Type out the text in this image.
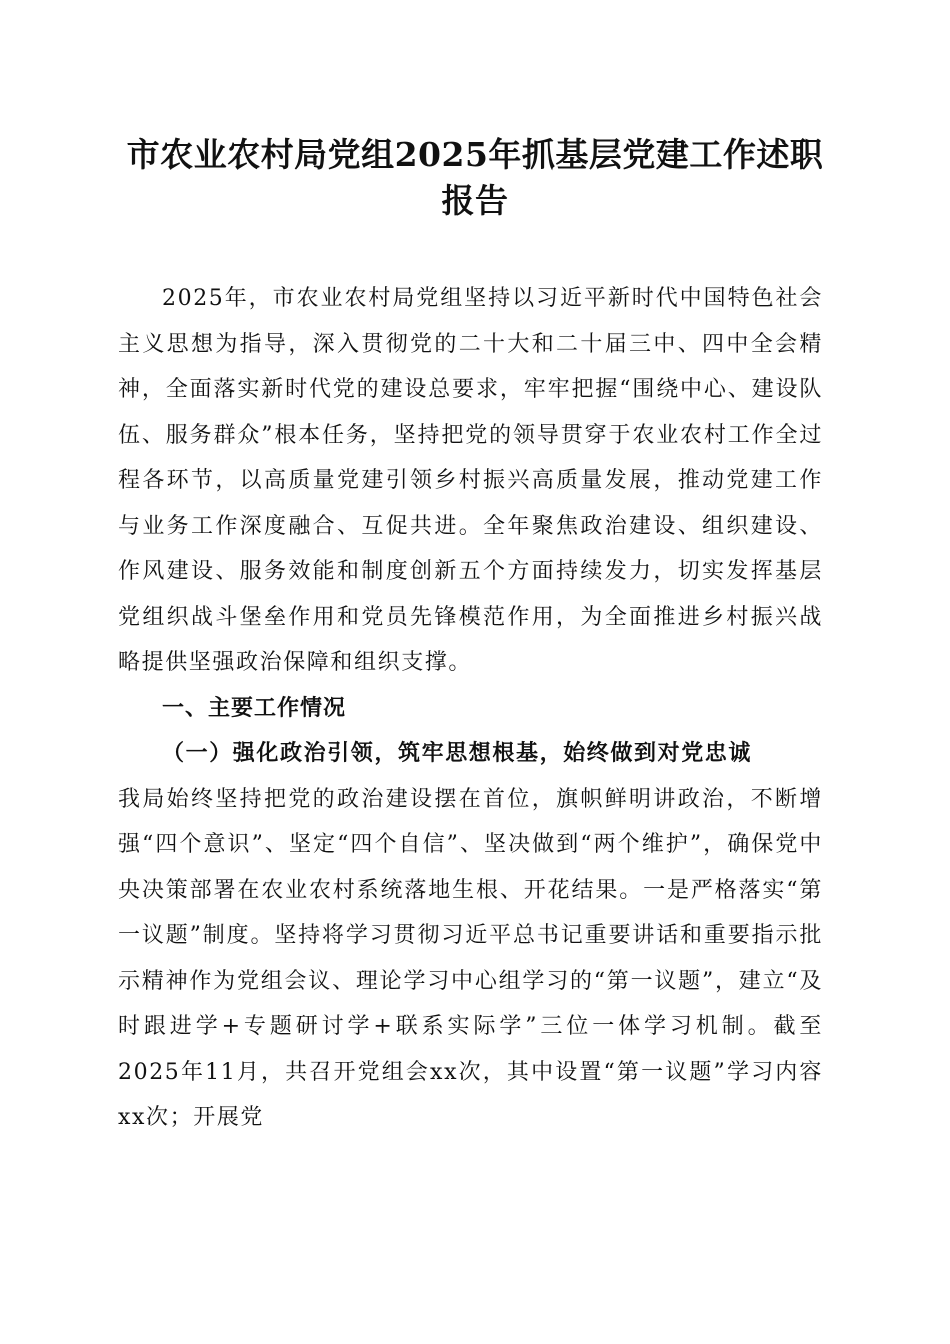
市农业农村局党组2025年抓基层党建工作述职报告

2025年，市农业农村局党组坚持以习近平新时代中国特色社会主义思想为指导，深入贯彻党的二十大和二十届三中、四中全会精神，全面落实新时代党的建设总要求，牢牢把握“围绕中心、建设队伍、服务群众”根本任务，坚持把党的领导贯穿于农业农村工作全过程各环节，以高质量党建引领乡村振兴高质量发展，推动党建工作与业务工作深度融合、互促共进。全年聚焦政治建设、组织建设、作风建设、服务效能和制度创新五个方面持续发力，切实发挥基层党组织战斗堡垒作用和党员先锋模范作用，为全面推进乡村振兴战略提供坚强政治保障和组织支撑。

一、主要工作情况

（一）强化政治引领，筑牢思想根基，始终做到对党忠诚

我局始终坚持把党的政治建设摆在首位，旗帜鲜明讲政治，不断增强“四个意识”、坚定“四个自信”、坚决做到“两个维护”，确保党中央决策部署在农业农村系统落地生根、开花结果。一是严格落实“第一议题”制度。坚持将学习贯彻习近平总书记重要讲话和重要指示批示精神作为党组会议、理论学习中心组学习的“第一议题”，建立“及时跟进学+专题研讨学+联系实际学”三位一体学习机制。截至2025年11月，共召开党组会xx次，其中设置“第一议题”学习内容xx次；开展党
